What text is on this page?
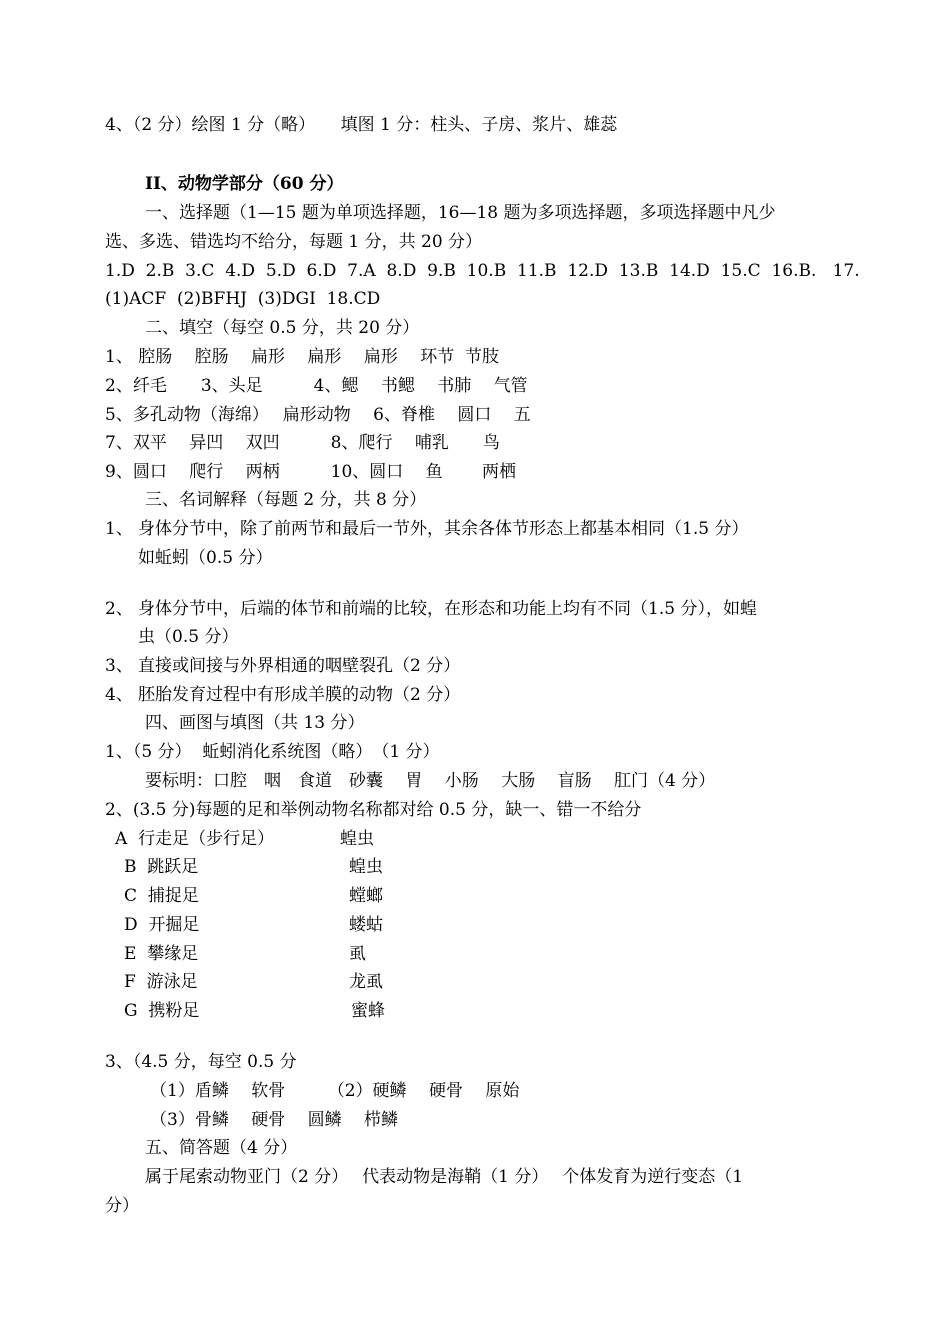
4、（2 分）绘图 1 分（略）　　填图 1 分：柱头、子房、浆片、雄蕊
II、动物学部分（60 分）
一、选择题（1—15 题为单项选择题，16—18 题为多项选择题，多项选择题中凡少
选、多选、错选均不给分，每题 1 分，共 20 分）
1.D  2.B  3.C  4.D  5.D  6.D  7.A  8.D  9.B  10.B  11.B  12.D  13.B  14.D  15.C  16.B.   17.
(1)ACF  (2)BFHJ  (3)DGI  18.CD
二、填空（每空 0.5 分，共 20 分）
1、 腔肠　 腔肠　 扁形　 扁形　 扁形　 环节  节肢
2、纤毛　　3、头足　　　4、鳃　 书鳃　 书肺　 气管
5、多孔动物（海绵）　 扁形动物　 6、脊椎　 圆口　 五
7、双平　 异凹　 双凹　　　8、爬行　 哺乳　　鸟
9、圆口　 爬行　 两柄　　　10、圆口　 鱼　　 两栖
三、名词解释（每题 2 分，共 8 分）
1、 身体分节中，除了前两节和最后一节外，其余各体节形态上都基本相同（1.5 分）
如蚯蚓（0.5 分）
2、 身体分节中，后端的体节和前端的比较，在形态和功能上均有不同（1.5 分），如蝗
虫（0.5 分）
3、 直接或间接与外界相通的咽壁裂孔（2 分）
4、 胚胎发育过程中有形成羊膜的动物（2 分）
四、画图与填图（共 13 分）
1、（5 分）  蚯蚓消化系统图（略）　（1 分）
要标明：口腔　咽　食道　砂囊　 胃　 小肠　 大肠　 盲肠　 肛门（4 分）
2、(3.5 分)每题的足和举例动物名称都对给 0.5 分，缺一、错一不给分
A  行走足（步行足）	蝗虫
B  跳跃足	蝗虫
C  捕捉足	螳螂
D  开掘足	蝼蛄
E  攀缘足	虱
F  游泳足	龙虱
G  携粉足	蜜蜂
3、（4.5 分，每空 0.5 分
（1）盾鳞　 软骨　　　（2）硬鳞　 硬骨　 原始
（3）骨鳞　 硬骨　 圆鳞　 栉鳞
五、简答题（4 分）
属于尾索动物亚门（2 分）　 代表动物是海鞘（1 分）　 个体发育为逆行变态（1
分）
